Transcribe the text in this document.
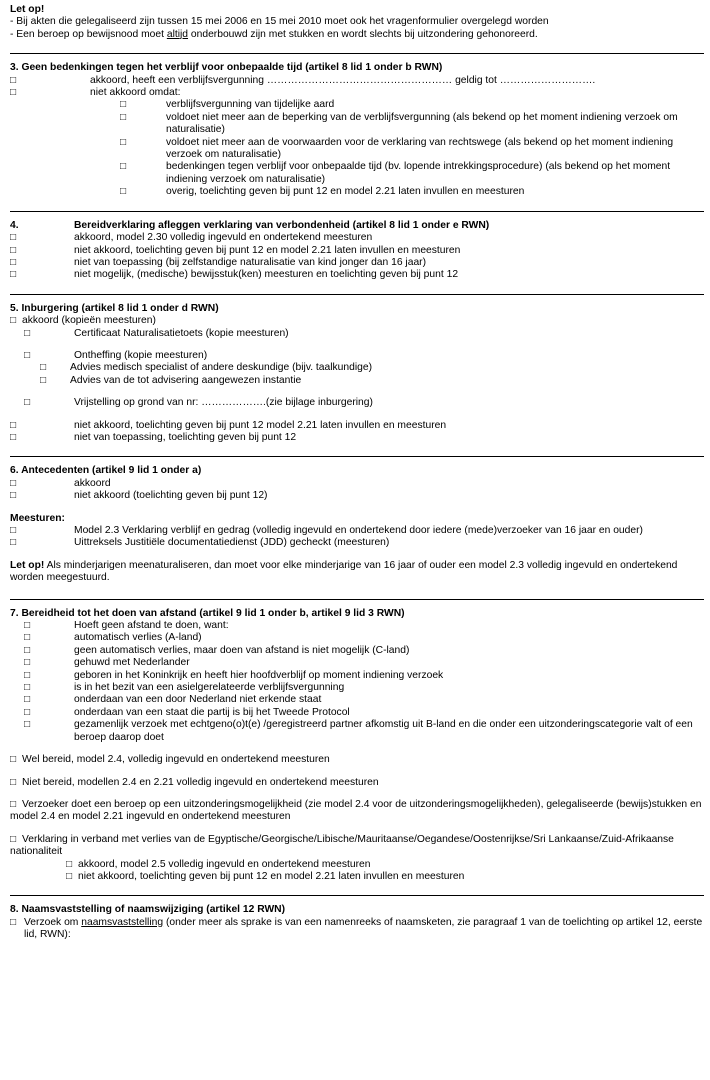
Let op!
- Bij akten die gelegaliseerd zijn tussen 15 mei 2006 en 15 mei 2010 moet ook het vragenformulier overgelegd worden
- Een beroep op bewijsnood moet altijd onderbouwd zijn met stukken en wordt slechts bij uitzondering gehonoreerd.
3. Geen bedenkingen tegen het verblijf voor onbepaalde tijd (artikel 8 lid 1 onder b RWN)
□	akkoord, heeft een verblijfsvergunning ……………………………………………… geldig tot ……………………….
□	niet akkoord omdat:
□	verblijfsvergunning van tijdelijke aard
□	voldoet niet meer aan de beperking van de verblijfsvergunning (als bekend op het moment indiening verzoek om naturalisatie)
□	voldoet niet meer aan de voorwaarden voor de verklaring van rechtswege (als bekend op het moment indiening verzoek om naturalisatie)
□	bedenkingen tegen verblijf voor onbepaalde tijd (bv. lopende intrekkingsprocedure) (als bekend op het moment indiening verzoek om naturalisatie)
□	overig, toelichting geven bij punt 12 en model 2.21 laten invullen en meesturen
4.	Bereidverklaring afleggen verklaring van verbondenheid (artikel 8 lid 1 onder e RWN)
□	akkoord, model 2.30 volledig ingevuld en ondertekend meesturen
□	niet akkoord, toelichting geven bij punt 12 en model 2.21 laten invullen en meesturen
□	niet van toepassing (bij zelfstandige naturalisatie van kind jonger dan 16 jaar)
□	niet mogelijk, (medische) bewijsstuk(ken) meesturen en toelichting geven bij punt 12
5. Inburgering (artikel 8 lid 1 onder d RWN)
□ akkoord (kopieën meesturen)
□	Certificaat Naturalisatietoets (kopie meesturen)
□	Ontheffing (kopie meesturen)
□	Advies medisch specialist of andere deskundige (bijv. taalkundige)
□	Advies van de tot advisering aangewezen instantie
□	Vrijstelling op grond van nr: ……………….(zie bijlage inburgering)
□	niet akkoord, toelichting geven bij punt 12 model 2.21 laten invullen en meesturen
□	niet van toepassing, toelichting geven bij punt 12
6. Antecedenten (artikel 9 lid 1 onder a)
□	akkoord
□	niet akkoord (toelichting geven bij punt 12)
Meesturen:
□	Model 2.3 Verklaring verblijf en gedrag (volledig ingevuld en ondertekend door iedere (mede)verzoeker van 16 jaar en ouder)
□	Uittreksels Justitiële documentatiedienst (JDD) gecheckt (meesturen)
Let op! Als minderjarigen meenaturaliseren, dan moet voor elke minderjarige van 16 jaar of ouder een model 2.3 volledig ingevuld en ondertekend worden meegestuurd.
7. Bereidheid tot het doen van afstand (artikel 9 lid 1 onder b, artikel 9 lid 3 RWN)
□	Hoeft geen afstand te doen, want:
□	automatisch verlies (A-land)
□	geen automatisch verlies, maar doen van afstand is niet mogelijk (C-land)
□	gehuwd met Nederlander
□	geboren in het Koninkrijk en heeft hier hoofdverblijf op moment indiening verzoek
□	is in het bezit van een asielgerelateerde verblijfsvergunning
□	onderdaan van een door Nederland niet erkende staat
□	onderdaan van een staat die partij is bij het Tweede Protocol
□	gezamenlijk verzoek met echtgeno(o)t(e) /geregistreerd partner afkomstig uit B-land en die onder een uitzonderingscategorie valt of een beroep daarop doet
□ Wel bereid, model 2.4, volledig ingevuld en ondertekend meesturen
□ Niet bereid, modellen 2.4 en 2.21 volledig ingevuld en ondertekend meesturen
□ Verzoeker doet een beroep op een uitzonderingsmogelijkheid (zie model 2.4 voor de uitzonderingsmogelijkheden), gelegaliseerde (bewijs)stukken en model 2.4 en model 2.21 ingevuld en ondertekend meesturen
□ Verklaring in verband met verlies van de Egyptische/Georgische/Libische/Mauritaanse/Oegandese/Oostenrijkse/Sri Lankaanse/Zuid-Afrikaanse nationaliteit
□ akkoord, model 2.5 volledig ingevuld en ondertekend meesturen
□ niet akkoord, toelichting geven bij punt 12 en model 2.21 laten invullen en meesturen
8. Naamsvaststelling of naamswijziging (artikel 12 RWN)
□ Verzoek om naamsvaststelling (onder meer als sprake is van een namenreeks of naamsketen, zie paragraaf 1 van de toelichting op artikel 12, eerste lid, RWN):
